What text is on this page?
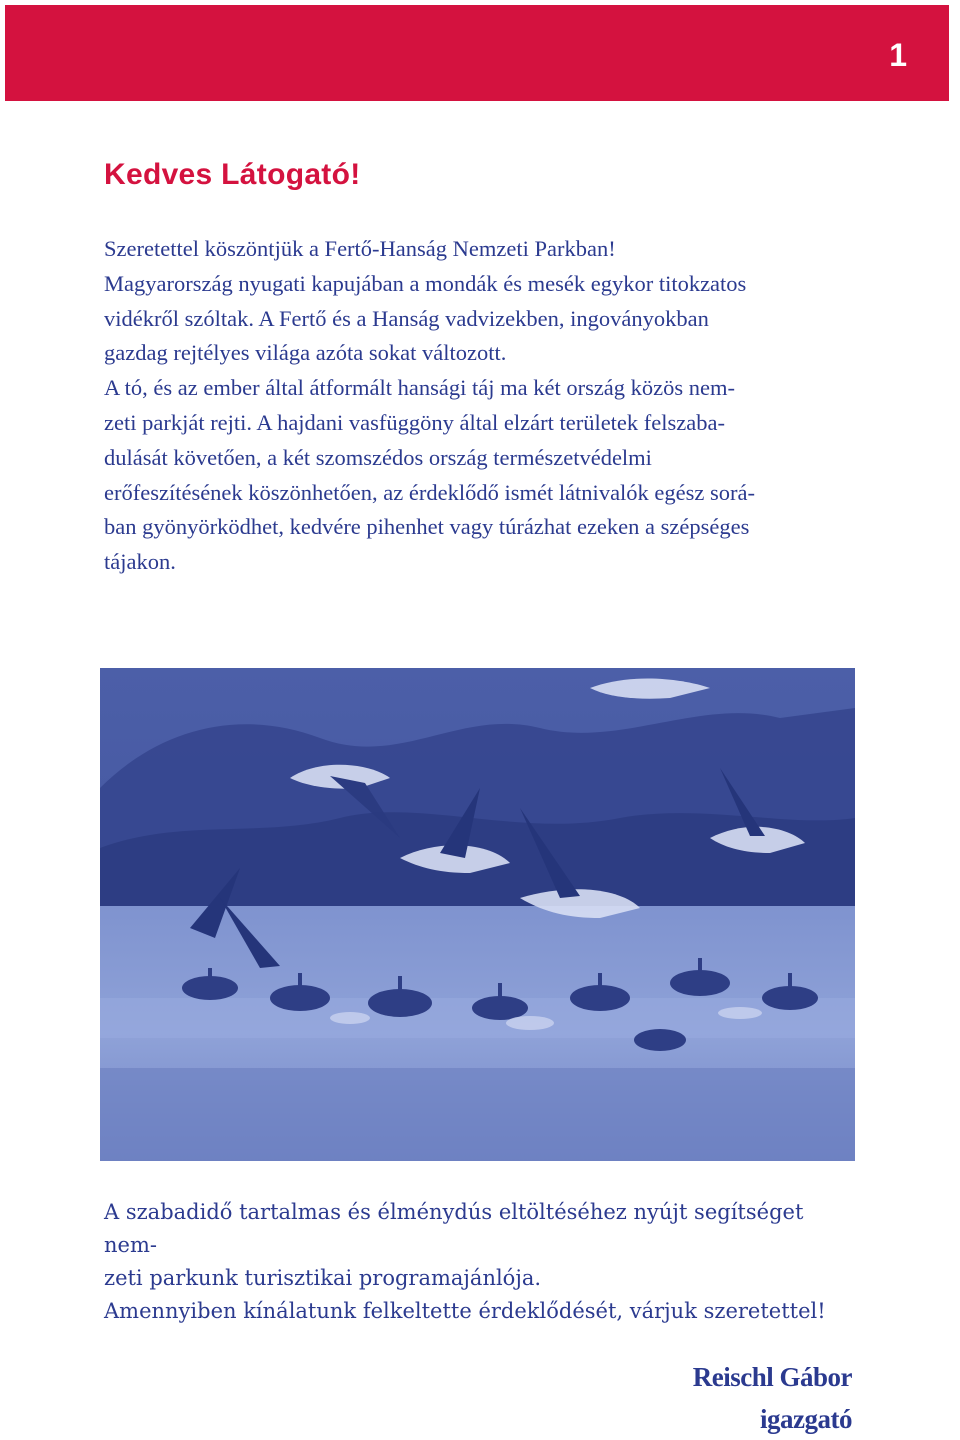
1
Kedves Látogató!
Szeretettel köszöntjük a Fertő-Hanság Nemzeti Parkban!
Magyarország nyugati kapujában a mondák és mesék egykor titokzatos
vidékről szóltak. A Fertő és a Hanság vadvizekben, ingoványokban
gazdag rejtélyes világa azóta sokat változott.
A tó, és az ember által átformált hansági táj ma két ország közös nem-
zeti parkját rejti. A hajdani vasfüggöny által elzárt területek felszaba-
dulását követően, a két szomszédos ország természetvédelmi
erőfeszítésének köszönhetően, az érdeklődő ismét látnivalók egész sorá-
ban gyönyörködhet, kedvére pihenhet vagy túrázhat ezeken a szépséges
tájakon.
A szabadidő tartalmas és élménydús eltöltéséhez nyújt segítséget nem-
zeti parkunk turisztikai programajánlója.
Amennyiben kínálatunk felkeltette érdeklődését, várjuk szeretettel!
Reischl Gábor
igazgató
